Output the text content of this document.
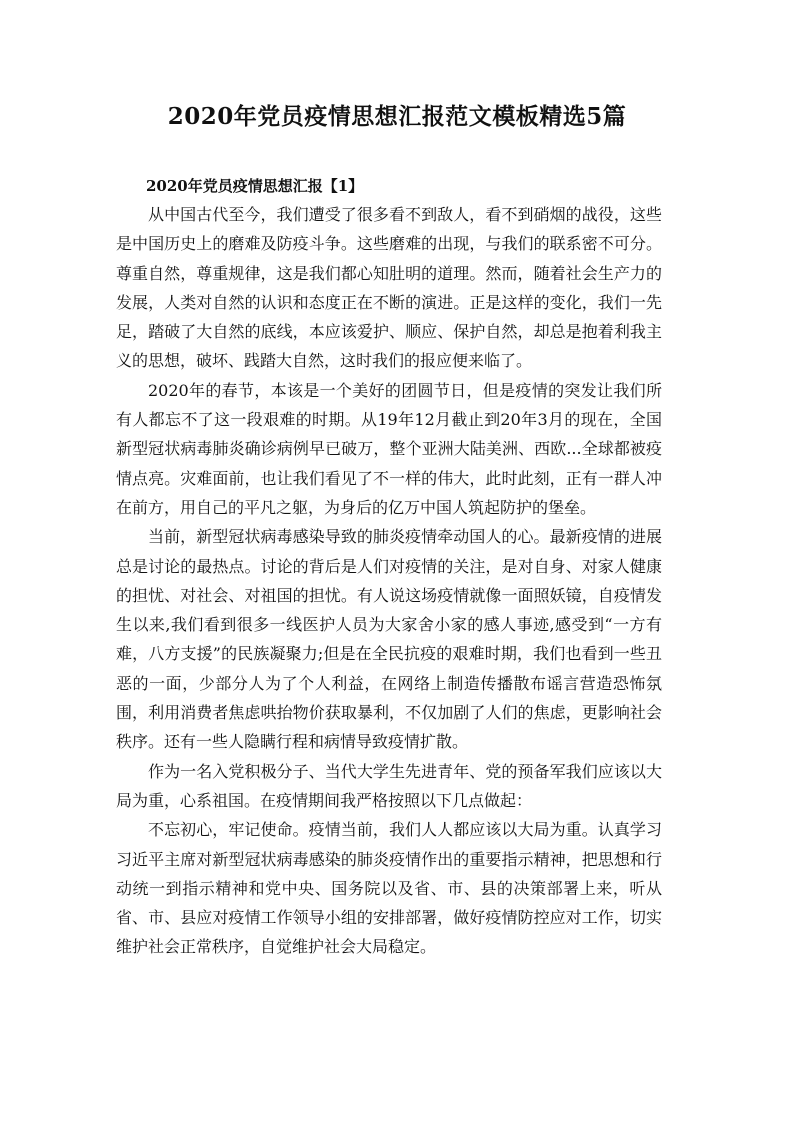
2020年党员疫情思想汇报范文模板精选5篇

2020年党员疫情思想汇报【1】

从中国古代至今，我们遭受了很多看不到敌人，看不到硝烟的战役，这些是中国历史上的磨难及防疫斗争。这些磨难的出现，与我们的联系密不可分。尊重自然，尊重规律，这是我们都心知肚明的道理。然而，随着社会生产力的发展，人类对自然的认识和态度正在不断的演进。正是这样的变化，我们一先足，踏破了大自然的底线，本应该爱护、顺应、保护自然，却总是抱着利我主义的思想，破坏、践踏大自然，这时我们的报应便来临了。

2020年的春节，本该是一个美好的团圆节日，但是疫情的突发让我们所有人都忘不了这一段艰难的时期。从19年12月截止到20年3月的现在，全国新型冠状病毒肺炎确诊病例早已破万，整个亚洲大陆美洲、西欧...全球都被疫情点亮。灾难面前，也让我们看见了不一样的伟大，此时此刻，正有一群人冲在前方，用自己的平凡之躯，为身后的亿万中国人筑起防护的堡垒。

当前，新型冠状病毒感染导致的肺炎疫情牵动国人的心。最新疫情的进展总是讨论的最热点。讨论的背后是人们对疫情的关注，是对自身、对家人健康的担忧、对社会、对祖国的担忧。有人说这场疫情就像一面照妖镜，自疫情发生以来,我们看到很多一线医护人员为大家舍小家的感人事迹,感受到“一方有难，八方支援”的民族凝聚力;但是在全民抗疫的艰难时期，我们也看到一些丑恶的一面，少部分人为了个人利益，在网络上制造传播散布谣言营造恐怖氛围，利用消费者焦虑哄抬物价获取暴利，不仅加剧了人们的焦虑，更影响社会秩序。还有一些人隐瞒行程和病情导致疫情扩散。

作为一名入党积极分子、当代大学生先进青年、党的预备军我们应该以大局为重，心系祖国。在疫情期间我严格按照以下几点做起：

不忘初心，牢记使命。疫情当前，我们人人都应该以大局为重。认真学习习近平主席对新型冠状病毒感染的肺炎疫情作出的重要指示精神，把思想和行动统一到指示精神和党中央、国务院以及省、市、县的决策部署上来，听从省、市、县应对疫情工作领导小组的安排部署，做好疫情防控应对工作，切实维护社会正常秩序，自觉维护社会大局稳定。
